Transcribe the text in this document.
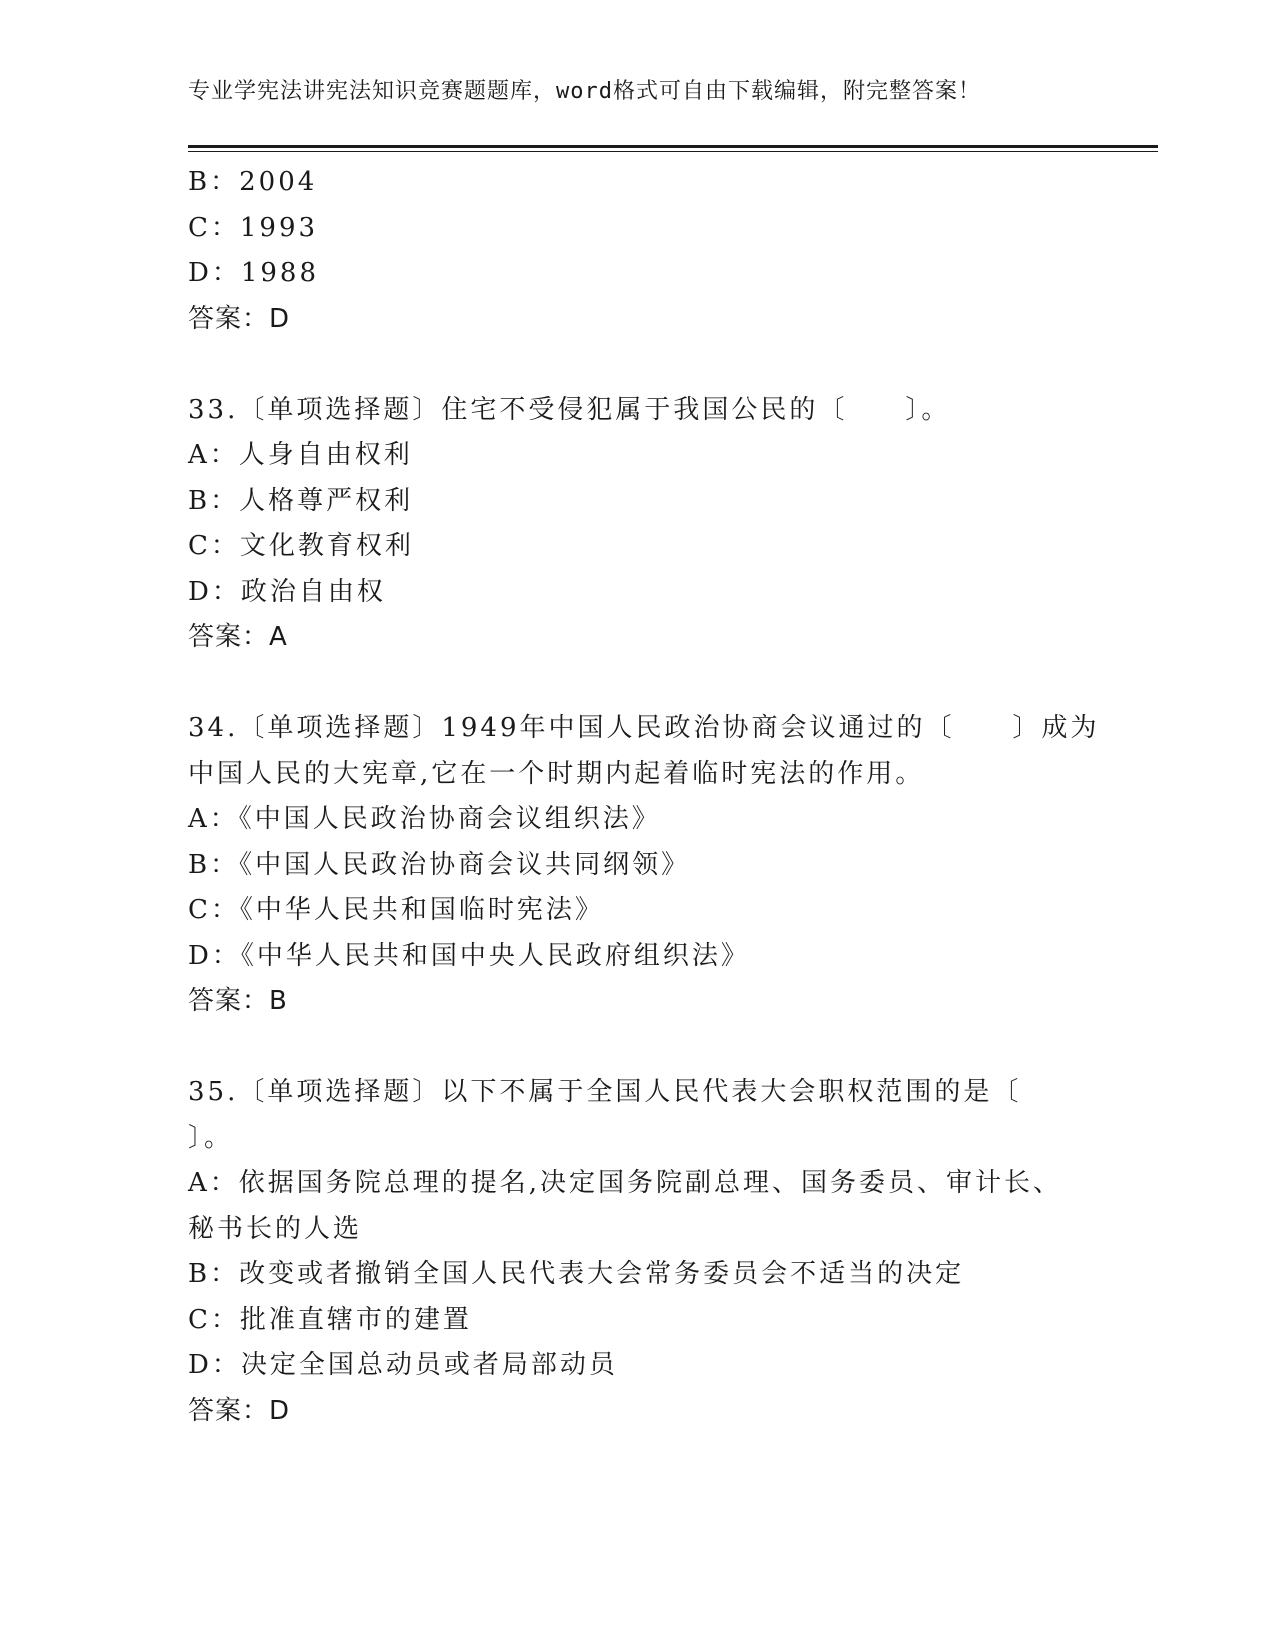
专业学宪法讲宪法知识竞赛题题库，word格式可自由下载编辑，附完整答案！
B：2004
C：1993
D：1988
答案：D
33.〔单项选择题〕住宅不受侵犯属于我国公民的〔　　〕。
A：人身自由权利
B：人格尊严权利
C：文化教育权利
D：政治自由权
答案：A
34.〔单项选择题〕1949年中国人民政治协商会议通过的〔　　〕成为
中国人民的大宪章,它在一个时期内起着临时宪法的作用。
A：《中国人民政治协商会议组织法》
B：《中国人民政治协商会议共同纲领》
C：《中华人民共和国临时宪法》
D：《中华人民共和国中央人民政府组织法》
答案：B
35.〔单项选择题〕以下不属于全国人民代表大会职权范围的是〔
〕。
A：依据国务院总理的提名,决定国务院副总理、国务委员、审计长、
秘书长的人选
B：改变或者撤销全国人民代表大会常务委员会不适当的决定
C：批准直辖市的建置
D：决定全国总动员或者局部动员
答案：D
